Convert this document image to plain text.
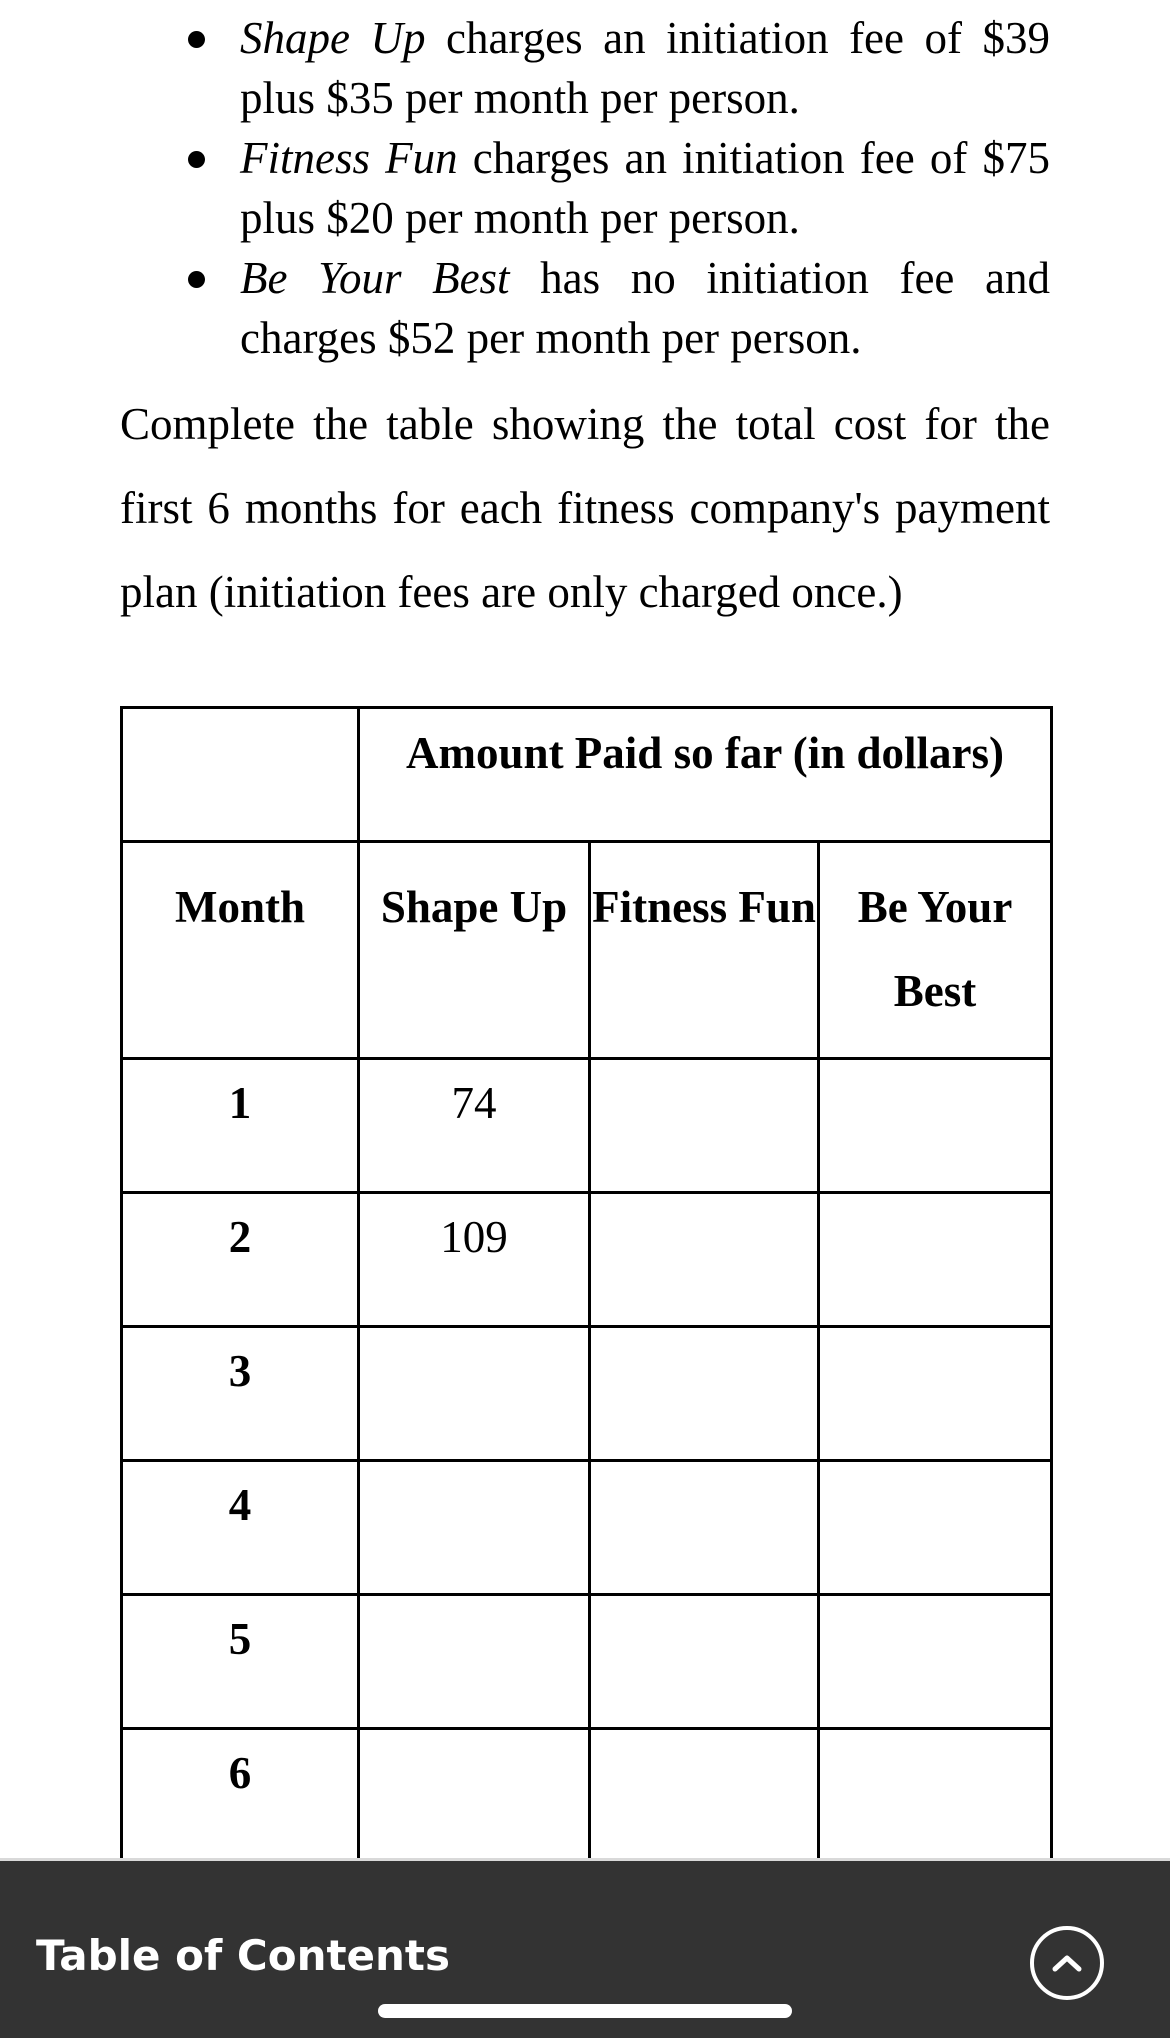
Shape Up charges an initiation fee of $39 plus $35 per month per person.
Fitness Fun charges an initiation fee of $75 plus $20 per month per person.
Be Your Best has no initiation fee and charges $52 per month per person.

Complete the table showing the total cost for the first 6 months for each fitness company's payment plan (initiation fees are only charged once.)

	Amount Paid so far (in dollars)		

Month	Shape Up	Fitness Fun	Be Your Best

1	74		

2	109		

3			

4			

5			

6			

Table of Contents
